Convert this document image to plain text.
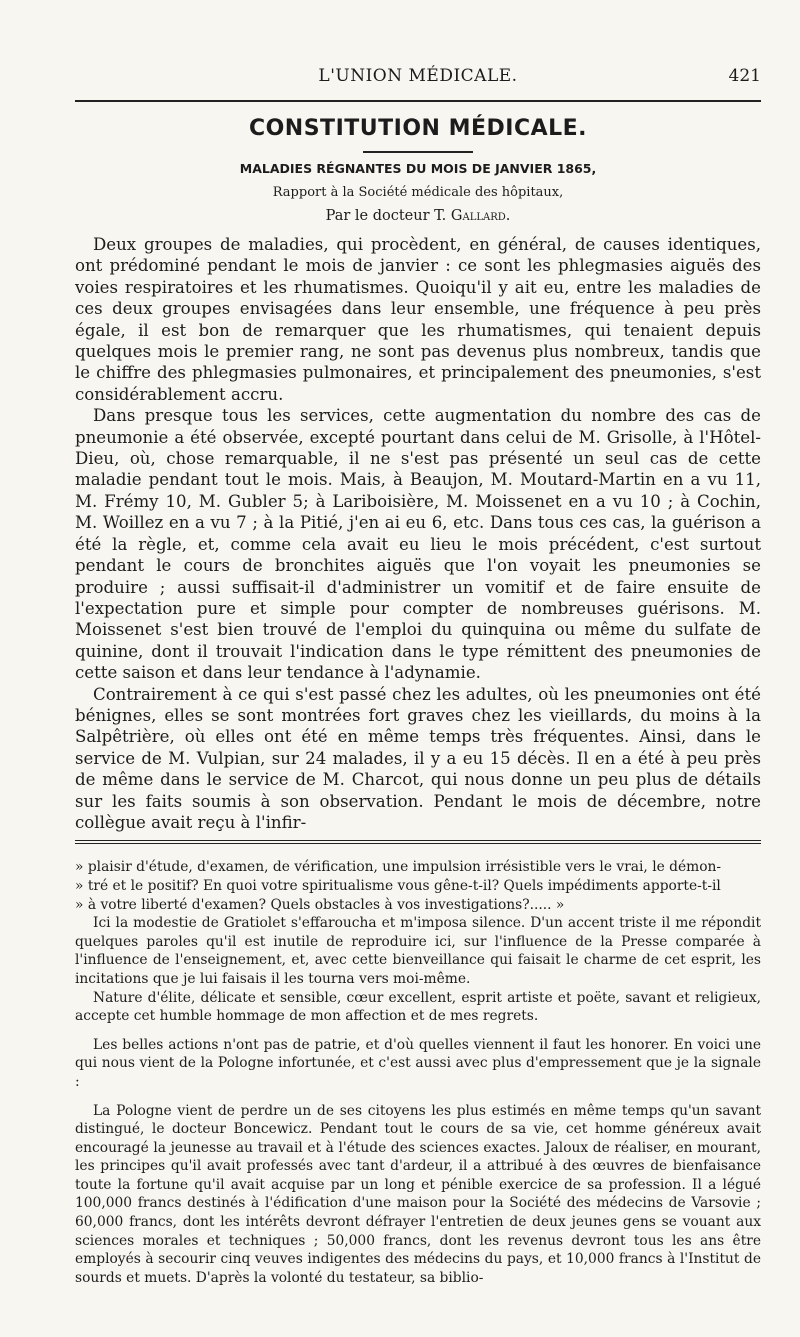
L'UNION MÉDICALE.	421
CONSTITUTION MÉDICALE.
MALADIES RÉGNANTES DU MOIS DE JANVIER 1865,
Rapport à la Société médicale des hôpitaux,
Par le docteur T. Gallard.

Deux groupes de maladies, qui procèdent, en général, de causes identiques, ont prédominé pendant le mois de janvier : ce sont les phlegmasies aiguës des voies respiratoires et les rhumatismes. Quoiqu'il y ait eu, entre les maladies de ces deux groupes envisagées dans leur ensemble, une fréquence à peu près égale, il est bon de remarquer que les rhumatismes, qui tenaient depuis quelques mois le premier rang, ne sont pas devenus plus nombreux, tandis que le chiffre des phlegmasies pulmonaires, et principalement des pneumonies, s'est considérablement accru.

Dans presque tous les services, cette augmentation du nombre des cas de pneumonie a été observée, excepté pourtant dans celui de M. Grisolle, à l'Hôtel-Dieu, où, chose remarquable, il ne s'est pas présenté un seul cas de cette maladie pendant tout le mois. Mais, à Beaujon, M. Moutard-Martin en a vu 11, M. Frémy 10, M. Gubler 5; à Lariboisière, M. Moissenet en a vu 10 ; à Cochin, M. Woillez en a vu 7 ; à la Pitié, j'en ai eu 6, etc. Dans tous ces cas, la guérison a été la règle, et, comme cela avait eu lieu le mois précédent, c'est surtout pendant le cours de bronchites aiguës que l'on voyait les pneumonies se produire ; aussi suffisait-il d'administrer un vomitif et de faire ensuite de l'expectation pure et simple pour compter de nombreuses guérisons. M. Moissenet s'est bien trouvé de l'emploi du quinquina ou même du sulfate de quinine, dont il trouvait l'indication dans le type rémittent des pneumonies de cette saison et dans leur tendance à l'adynamie.

Contrairement à ce qui s'est passé chez les adultes, où les pneumonies ont été bénignes, elles se sont montrées fort graves chez les vieillards, du moins à la Salpêtrière, où elles ont été en même temps très fréquentes. Ainsi, dans le service de M. Vulpian, sur 24 malades, il y a eu 15 décès. Il en a été à peu près de même dans le service de M. Charcot, qui nous donne un peu plus de détails sur les faits soumis à son observation. Pendant le mois de décembre, notre collègue avait reçu à l'infir-

» plaisir d'étude, d'examen, de vérification, une impulsion irrésistible vers le vrai, le démon-

» tré et le positif? En quoi votre spiritualisme vous gêne-t-il? Quels impédiments apporte-t-il

» à votre liberté d'examen? Quels obstacles à vos investigations?..... »

Ici la modestie de Gratiolet s'effaroucha et m'imposa silence. D'un accent triste il me répondit quelques paroles qu'il est inutile de reproduire ici, sur l'influence de la Presse comparée à l'influence de l'enseignement, et, avec cette bienveillance qui faisait le charme de cet esprit, les incitations que je lui faisais il les tourna vers moi-même.

Nature d'élite, délicate et sensible, cœur excellent, esprit artiste et poëte, savant et religieux, accepte cet humble hommage de mon affection et de mes regrets.

Les belles actions n'ont pas de patrie, et d'où quelles viennent il faut les honorer. En voici une qui nous vient de la Pologne infortunée, et c'est aussi avec plus d'empressement que je la signale :

La Pologne vient de perdre un de ses citoyens les plus estimés en même temps qu'un savant distingué, le docteur Boncewicz. Pendant tout le cours de sa vie, cet homme généreux avait encouragé la jeunesse au travail et à l'étude des sciences exactes. Jaloux de réaliser, en mourant, les principes qu'il avait professés avec tant d'ardeur, il a attribué à des œuvres de bienfaisance toute la fortune qu'il avait acquise par un long et pénible exercice de sa profession. Il a légué 100,000 francs destinés à l'édification d'une maison pour la Société des médecins de Varsovie ; 60,000 francs, dont les intérêts devront défrayer l'entretien de deux jeunes gens se vouant aux sciences morales et techniques ; 50,000 francs, dont les revenus devront tous les ans être employés à secourir cinq veuves indigentes des médecins du pays, et 10,000 francs à l'Institut de sourds et muets. D'après la volonté du testateur, sa biblio-
